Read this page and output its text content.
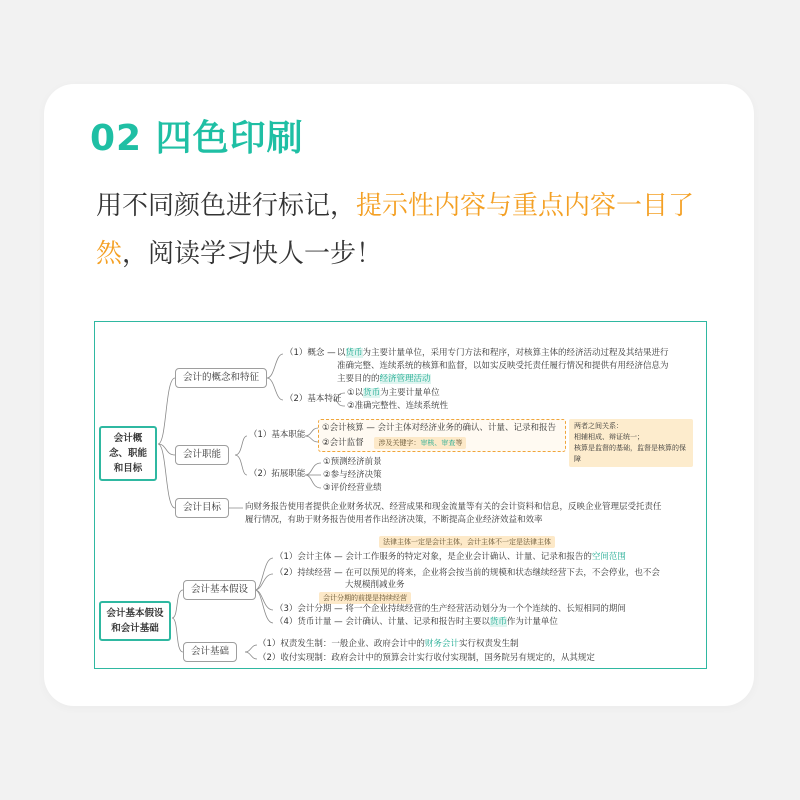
02 四色印刷
用不同颜色进行标记，提示性内容与重点内容一目了然，阅读学习快人一步！
会计概念、职能和目标
会计基本假设和会计基础
会计的概念和特征
（1）概念 — 以货币为主要计量单位，采用专门方法和程序，对核算主体的经济活动过程及其结果进行
准确完整、连续系统的核算和监督，以如实反映受托责任履行情况和提供有用经济信息为
主要目的的经济管理活动
（2）基本特征
①以货币为主要计量单位
②准确完整性、连续系统性
会计职能
（1）基本职能
①会计核算 — 会计主体对经济业务的确认、计量、记录和报告
②会计监督 涉及关键字：审核、审查等
两者之间关系：
相辅相成、辩证统一；
核算是监督的基础，监督是核算的保障
（2）拓展职能
①预测经济前景
②参与经济决策
③评价经营业绩
会计目标	向财务报告使用者提供企业财务状况、经营成果和现金流量等有关的会计资料和信息，反映企业管理层受托责任
履行情况，有助于财务报告使用者作出经济决策，不断提高企业经济效益和效率
法律主体一定是会计主体，会计主体不一定是法律主体
会计基本假设
（1）会计主体 — 会计工作服务的特定对象，是企业会计确认、计量、记录和报告的空间范围
（2）持续经营 — 在可以预见的将来，企业将会按当前的规模和状态继续经营下去，不会停业，也不会
大规模削减业务
会计分期的前提是持续经营
（3）会计分期 — 将一个企业持续经营的生产经营活动划分为一个个连续的、长短相同的期间
（4）货币计量 — 会计确认、计量、记录和报告时主要以货币作为计量单位
会计基础
（1）权责发生制：一般企业、政府会计中的财务会计实行权责发生制
（2）收付实现制：政府会计中的预算会计实行收付实现制，国务院另有规定的，从其规定
